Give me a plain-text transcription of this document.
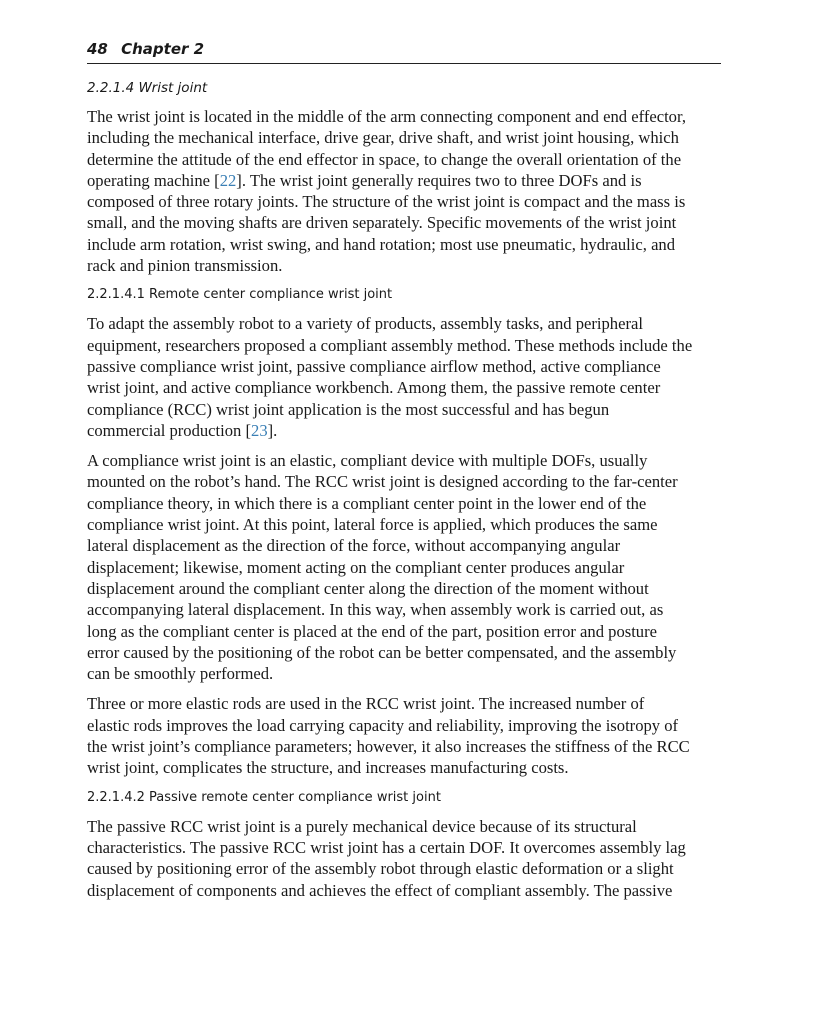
48 Chapter 2
2.2.1.4 Wrist joint

The wrist joint is located in the middle of the arm connecting component and end effector,
including the mechanical interface, drive gear, drive shaft, and wrist joint housing, which
determine the attitude of the end effector in space, to change the overall orientation of the
operating machine [22]. The wrist joint generally requires two to three DOFs and is
composed of three rotary joints. The structure of the wrist joint is compact and the mass is
small, and the moving shafts are driven separately. Specific movements of the wrist joint
include arm rotation, wrist swing, and hand rotation; most use pneumatic, hydraulic, and
rack and pinion transmission.

2.2.1.4.1 Remote center compliance wrist joint

To adapt the assembly robot to a variety of products, assembly tasks, and peripheral
equipment, researchers proposed a compliant assembly method. These methods include the
passive compliance wrist joint, passive compliance airflow method, active compliance
wrist joint, and active compliance workbench. Among them, the passive remote center
compliance (RCC) wrist joint application is the most successful and has begun
commercial production [23].

A compliance wrist joint is an elastic, compliant device with multiple DOFs, usually
mounted on the robot’s hand. The RCC wrist joint is designed according to the far-center
compliance theory, in which there is a compliant center point in the lower end of the
compliance wrist joint. At this point, lateral force is applied, which produces the same
lateral displacement as the direction of the force, without accompanying angular
displacement; likewise, moment acting on the compliant center produces angular
displacement around the compliant center along the direction of the moment without
accompanying lateral displacement. In this way, when assembly work is carried out, as
long as the compliant center is placed at the end of the part, position error and posture
error caused by the positioning of the robot can be better compensated, and the assembly
can be smoothly performed.

Three or more elastic rods are used in the RCC wrist joint. The increased number of
elastic rods improves the load carrying capacity and reliability, improving the isotropy of
the wrist joint’s compliance parameters; however, it also increases the stiffness of the RCC
wrist joint, complicates the structure, and increases manufacturing costs.

2.2.1.4.2 Passive remote center compliance wrist joint

The passive RCC wrist joint is a purely mechanical device because of its structural
characteristics. The passive RCC wrist joint has a certain DOF. It overcomes assembly lag
caused by positioning error of the assembly robot through elastic deformation or a slight
displacement of components and achieves the effect of compliant assembly. The passive
